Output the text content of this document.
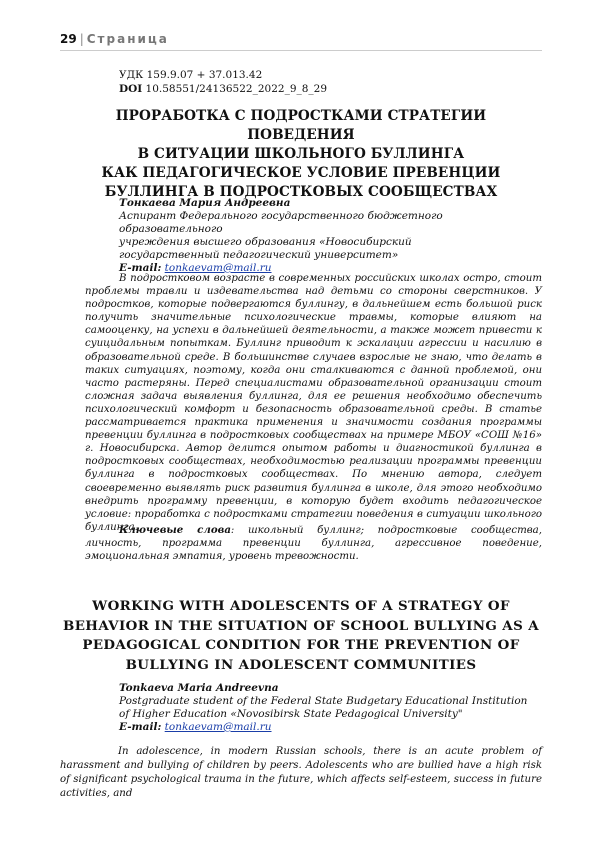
29 | Страница
УДК 159.9.07 + 37.013.42
DOI 10.58551/24136522_2022_9_8_29
ПРОРАБОТКА С ПОДРОСТКАМИ СТРАТЕГИИ ПОВЕДЕНИЯ
В СИТУАЦИИ ШКОЛЬНОГО БУЛЛИНГА
КАК ПЕДАГОГИЧЕСКОЕ УСЛОВИЕ ПРЕВЕНЦИИ
БУЛЛИНГА В ПОДРОСТКОВЫХ СООБЩЕСТВАХ
Тонкаева Мария Андреевна
Аспирант Федерального государственного бюджетного образовательного
учреждения высшего образования «Новосибирский
государственный педагогический университет»
E-mail: tonkaevam@mail.ru

В подростковом возрасте в современных российских школах остро, стоит проблемы травли и издевательства над детьми со стороны сверстников. У подростков, которые подвергаются буллингу, в дальнейшем есть большой риск получить значительные психологические травмы, которые влияют на самооценку, на успехи в дальнейшей деятельности, а также может привести к суицидальным попыткам. Буллинг приводит к эскалации агрессии и насилию в образовательной среде. В большинстве случаев взрослые не знаю, что делать в таких ситуациях, поэтому, когда они сталкиваются с данной проблемой, они часто растеряны. Перед специалистами образовательной организации стоит сложная задача выявления буллинга, для ее решения необходимо обеспечить психологический комфорт и безопасность образовательной среды. В статье рассматривается практика применения и значимости создания программы превенции буллинга в подростковых сообществах на примере МБОУ «СОШ №16» г. Новосибирска. Автор делится опытом работы и диагностикой буллинга в подростковых сообществах, необходимостью реализации программы превенции буллинга в подростковых сообществах. По мнению автора, следует своевременно выявлять риск развития буллинга в школе, для этого необходимо внедрить программу превенции, в которую будет входить педагогическое условие: проработка с подростками стратегии поведения в ситуации школьного буллинга.

Ключевые слова: школьный буллинг; подростковые сообщества, личность, программа превенции буллинга, агрессивное поведение, эмоциональная эмпатия, уровень тревожности.

WORKING WITH ADOLESCENTS OF A STRATEGY OF
BEHAVIOR IN THE SITUATION OF SCHOOL BULLYING AS A
PEDAGOGICAL CONDITION FOR THE PREVENTION OF
BULLYING IN ADOLESCENT COMMUNITIES
Tonkaeva Maria Andreevna
Postgraduate student of the Federal State Budgetary Educational Institution
of Higher Education «Novosibirsk State Pedagogical University"
E-mail: tonkaevam@mail.ru

In adolescence, in modern Russian schools, there is an acute problem of harassment and bullying of children by peers. Adolescents who are bullied have a high risk of significant psychological trauma in the future, which affects self-esteem, success in future activities, and
